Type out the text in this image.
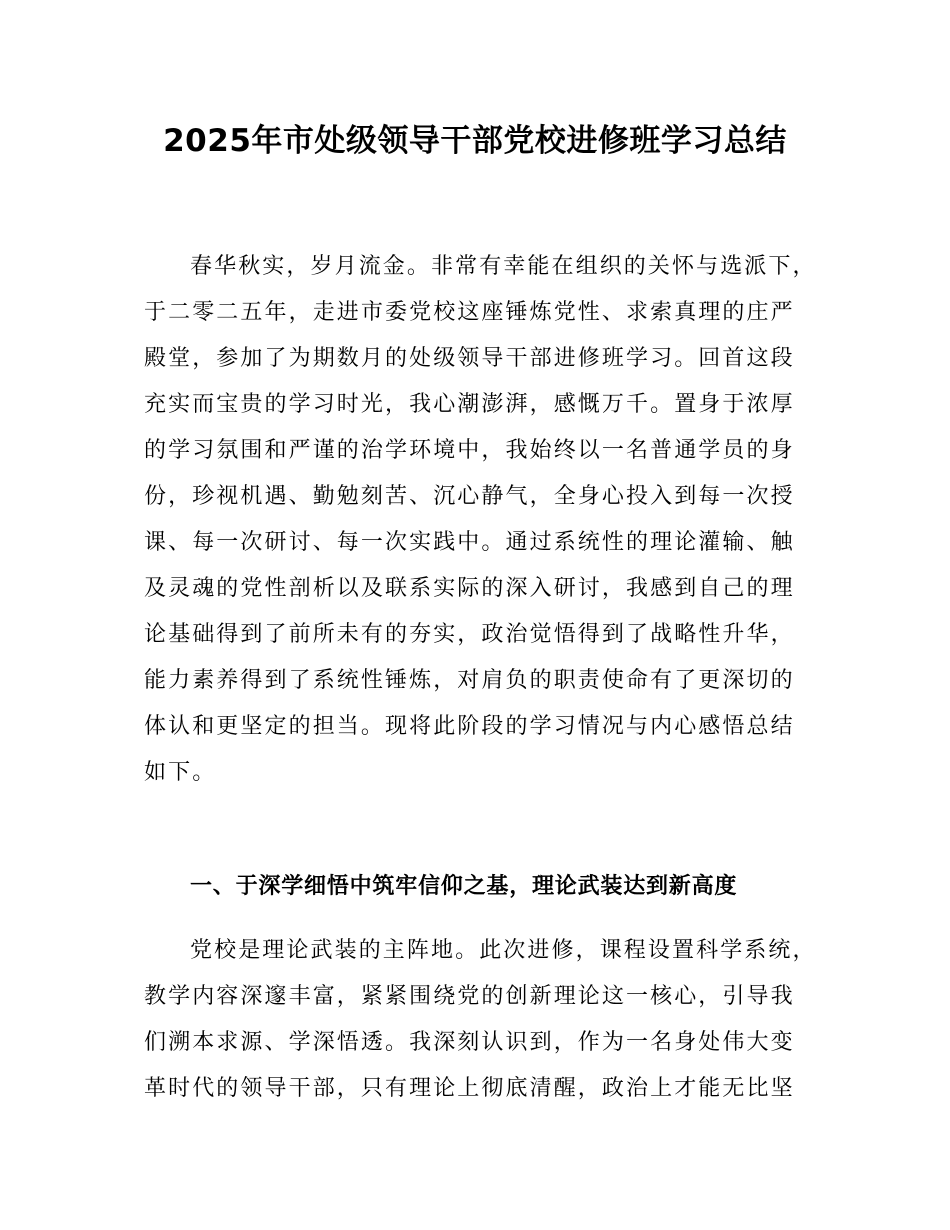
2025年市处级领导干部党校进修班学习总结
春华秋实，岁月流金。非常有幸能在组织的关怀与选派下，
于二零二五年，走进市委党校这座锤炼党性、求索真理的庄严
殿堂，参加了为期数月的处级领导干部进修班学习。回首这段
充实而宝贵的学习时光，我心潮澎湃，感慨万千。置身于浓厚
的学习氛围和严谨的治学环境中，我始终以一名普通学员的身
份，珍视机遇、勤勉刻苦、沉心静气，全身心投入到每一次授
课、每一次研讨、每一次实践中。通过系统性的理论灌输、触
及灵魂的党性剖析以及联系实际的深入研讨，我感到自己的理
论基础得到了前所未有的夯实，政治觉悟得到了战略性升华，
能力素养得到了系统性锤炼，对肩负的职责使命有了更深切的
体认和更坚定的担当。现将此阶段的学习情况与内心感悟总结
如下。
一、于深学细悟中筑牢信仰之基，理论武装达到新高度
党校是理论武装的主阵地。此次进修，课程设置科学系统，
教学内容深邃丰富，紧紧围绕党的创新理论这一核心，引导我
们溯本求源、学深悟透。我深刻认识到，作为一名身处伟大变
革时代的领导干部，只有理论上彻底清醒，政治上才能无比坚
